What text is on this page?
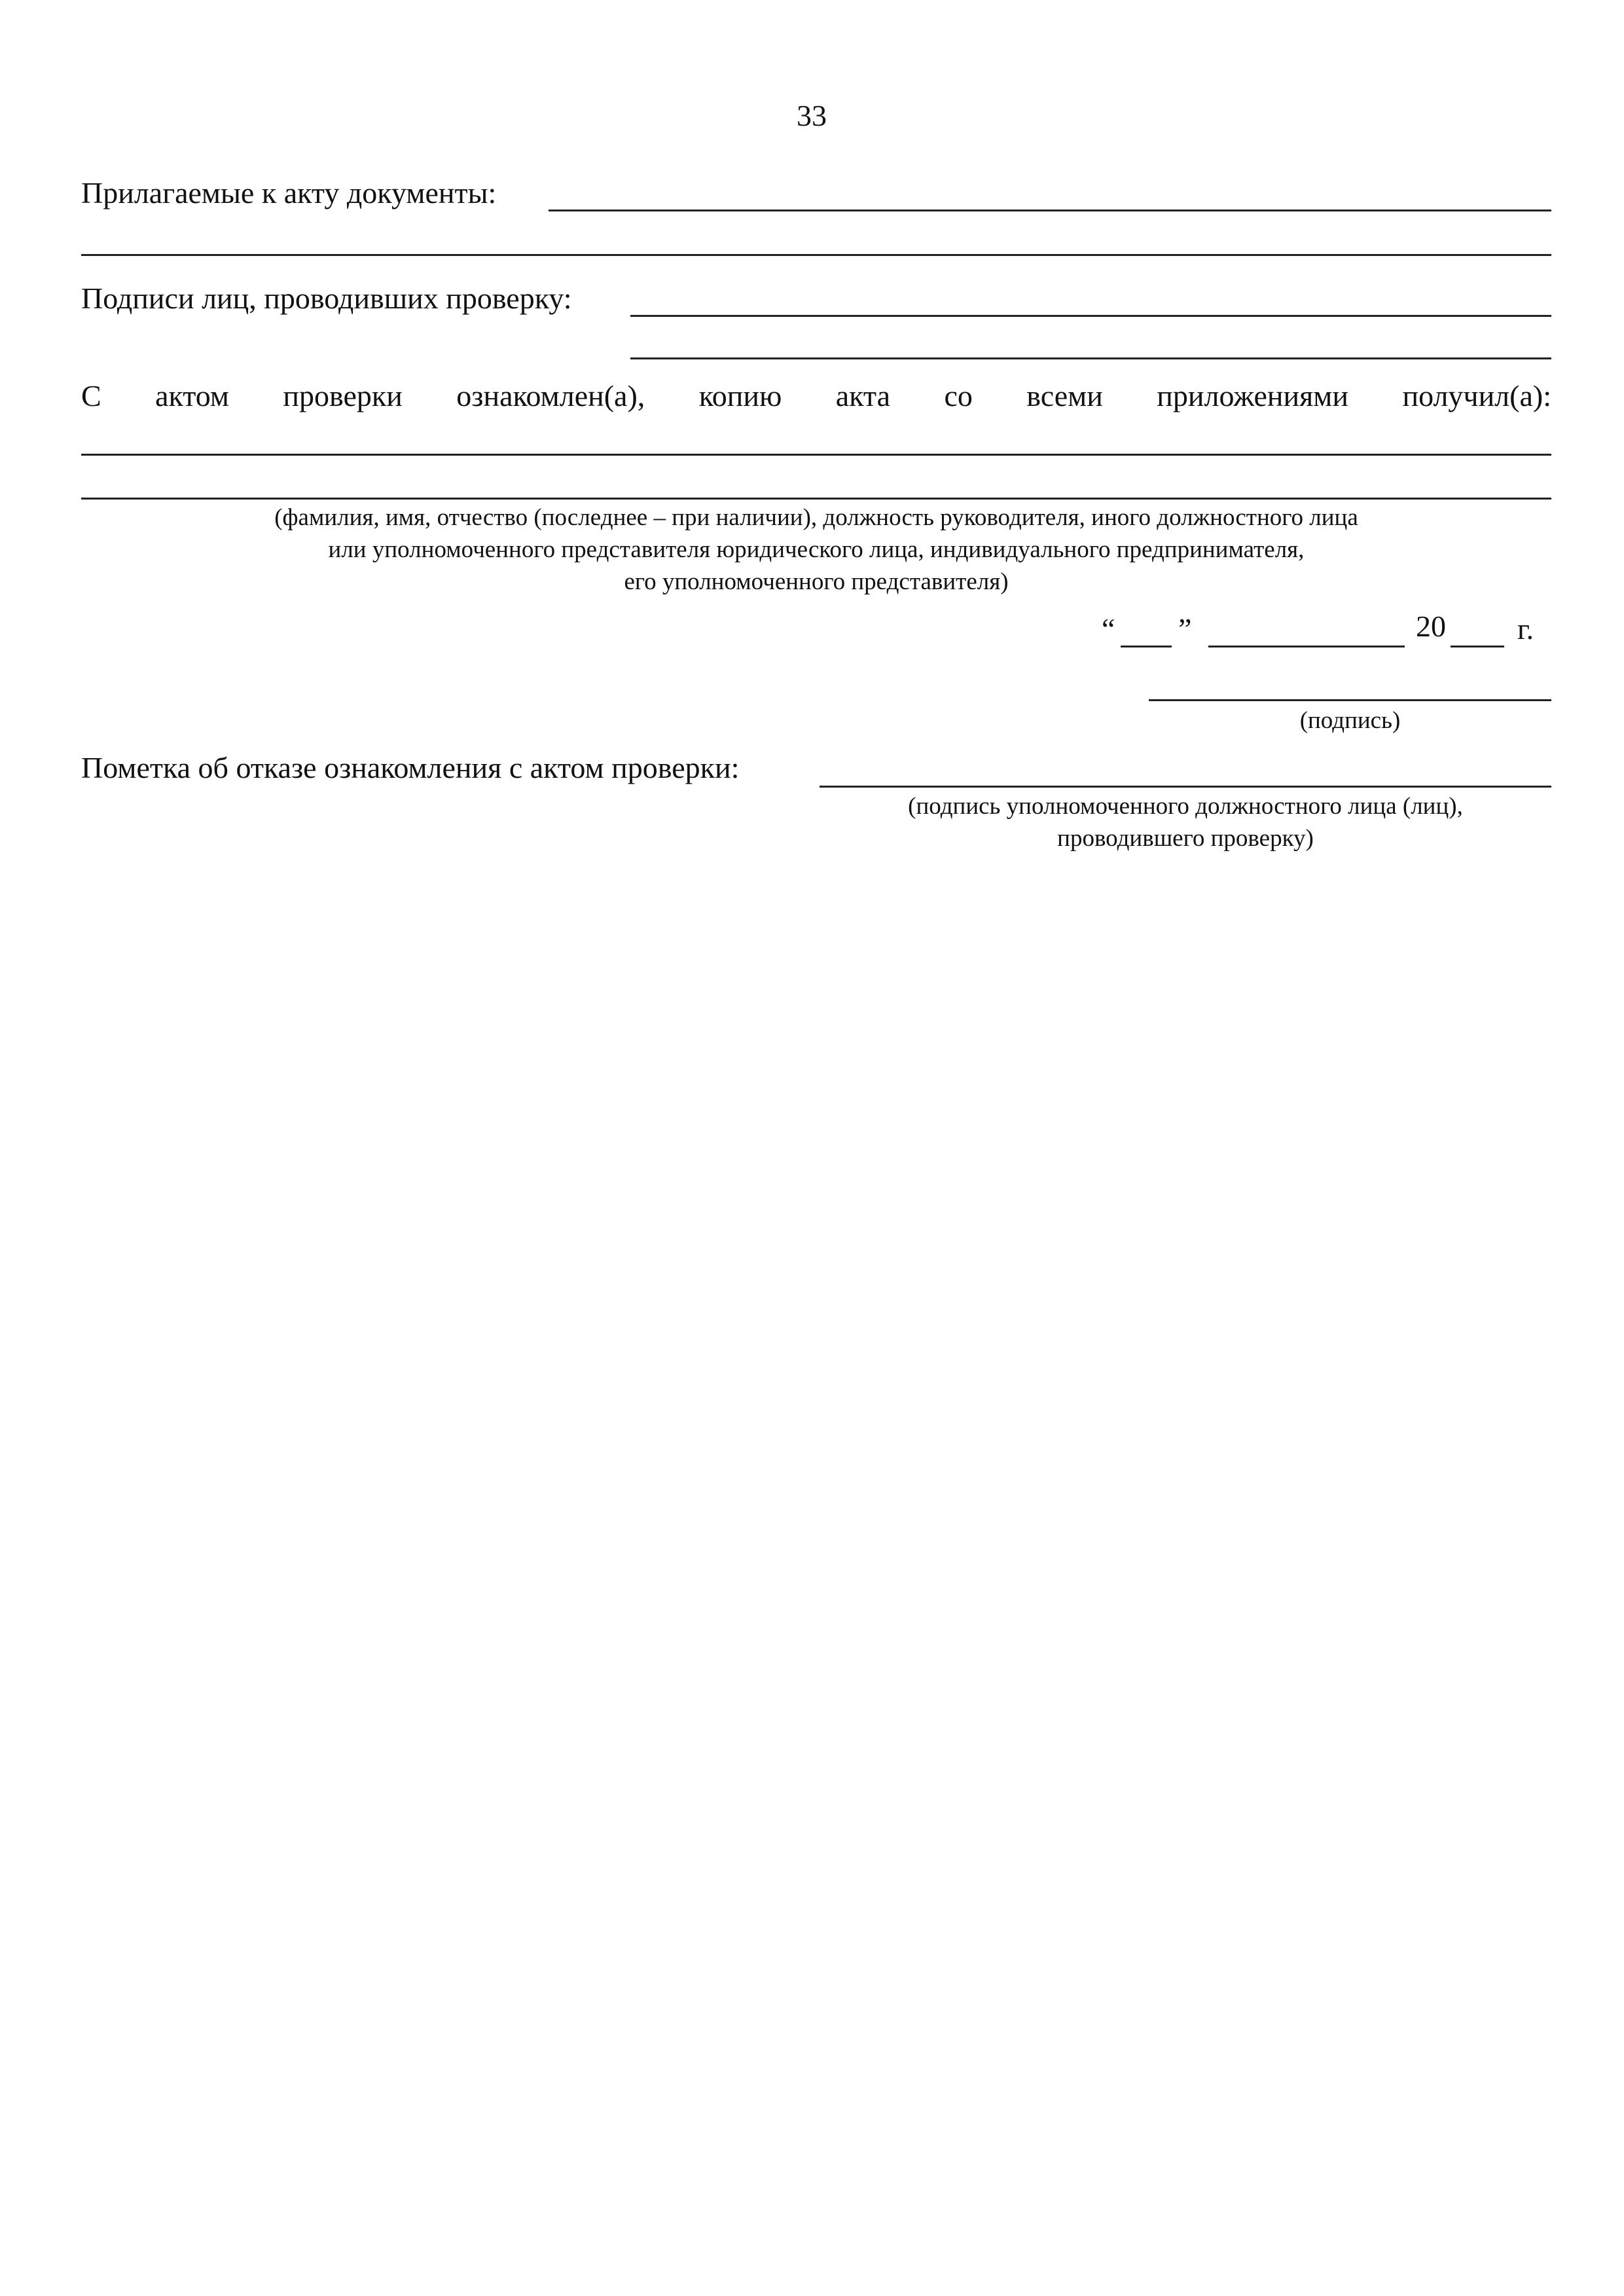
33
Прилагаемые к акту документы:
Подписи лиц, проводивших проверку:
С актом проверки ознакомлен(а), копию акта со всеми приложениями получил(а):
(фамилия, имя, отчество (последнее – при наличии), должность руководителя, иного должностного лица
или уполномоченного представителя юридического лица, индивидуального предпринимателя,
его уполномоченного представителя)
“ ”	20 г.
(подпись)
Пометка об отказе ознакомления с актом проверки:
(подпись уполномоченного должностного лица (лиц),
проводившего проверку)
